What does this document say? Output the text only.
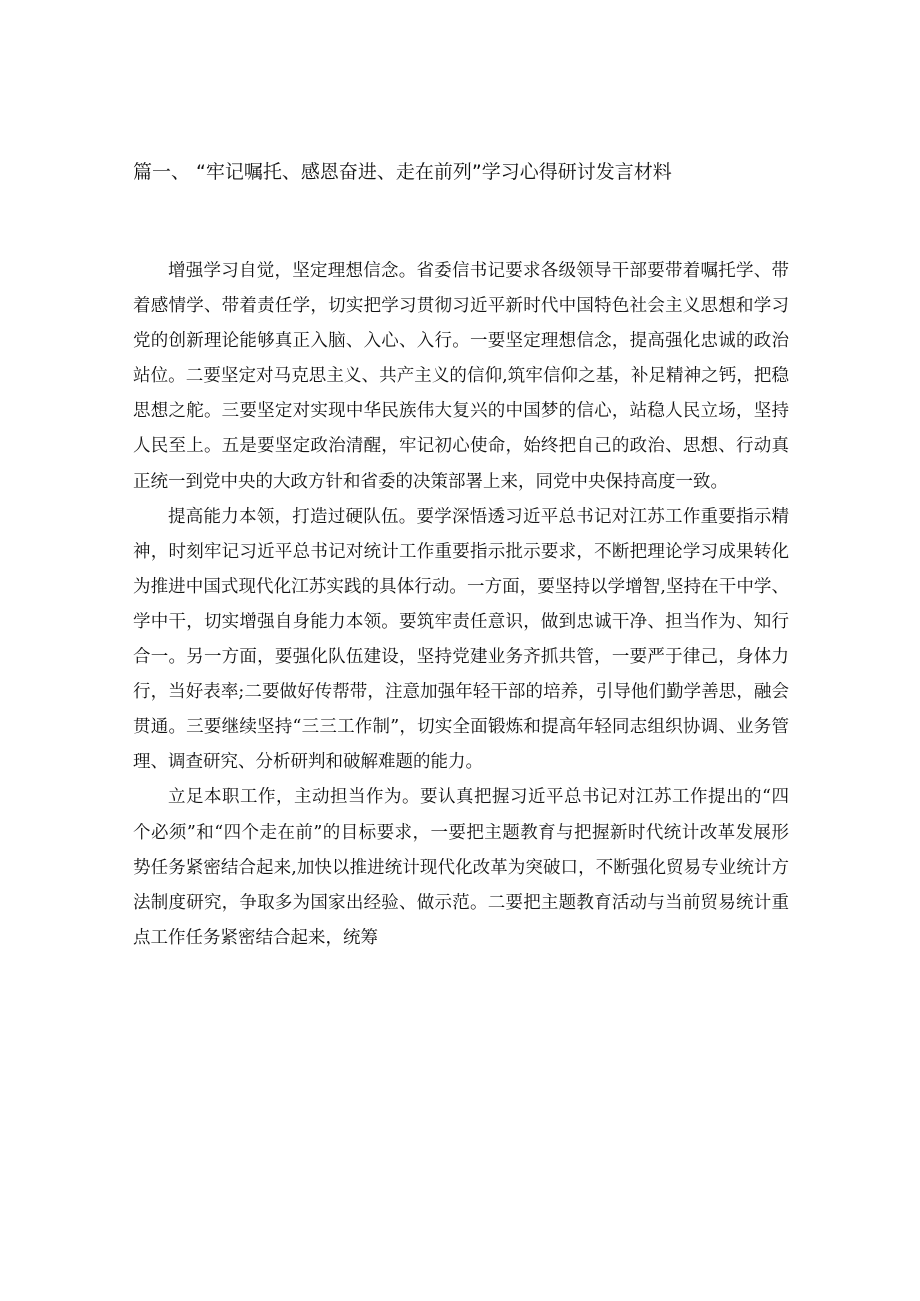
篇一、 “牢记嘱托、感恩奋进、走在前列”学习心得研讨发言材料

增强学习自觉，坚定理想信念。省委信书记要求各级领导干部要带着嘱托学、带着感情学、带着责任学，切实把学习贯彻习近平新时代中国特色社会主义思想和学习党的创新理论能够真正入脑、入心、入行。一要坚定理想信念，提高强化忠诚的政治站位。二要坚定对马克思主义、共产主义的信仰,筑牢信仰之基，补足精神之钙，把稳思想之舵。三要坚定对实现中华民族伟大复兴的中国梦的信心，站稳人民立场，坚持人民至上。五是要坚定政治清醒，牢记初心使命，始终把自己的政治、思想、行动真正统一到党中央的大政方针和省委的决策部署上来，同党中央保持高度一致。

提高能力本领，打造过硬队伍。要学深悟透习近平总书记对江苏工作重要指示精神，时刻牢记习近平总书记对统计工作重要指示批示要求，不断把理论学习成果转化为推进中国式现代化江苏实践的具体行动。一方面，要坚持以学增智,坚持在干中学、学中干，切实增强自身能力本领。要筑牢责任意识，做到忠诚干净、担当作为、知行合一。另一方面，要强化队伍建设，坚持党建业务齐抓共管，一要严于律己，身体力行，当好表率;二要做好传帮带，注意加强年轻干部的培养，引导他们勤学善思，融会贯通。三要继续坚持“三三工作制”，切实全面锻炼和提高年轻同志组织协调、业务管理、调查研究、分析研判和破解难题的能力。

立足本职工作，主动担当作为。要认真把握习近平总书记对江苏工作提出的“四个必须”和“四个走在前”的目标要求，一要把主题教育与把握新时代统计改革发展形势任务紧密结合起来,加快以推进统计现代化改革为突破口，不断强化贸易专业统计方法制度研究，争取多为国家出经验、做示范。二要把主题教育活动与当前贸易统计重点工作任务紧密结合起来，统筹
